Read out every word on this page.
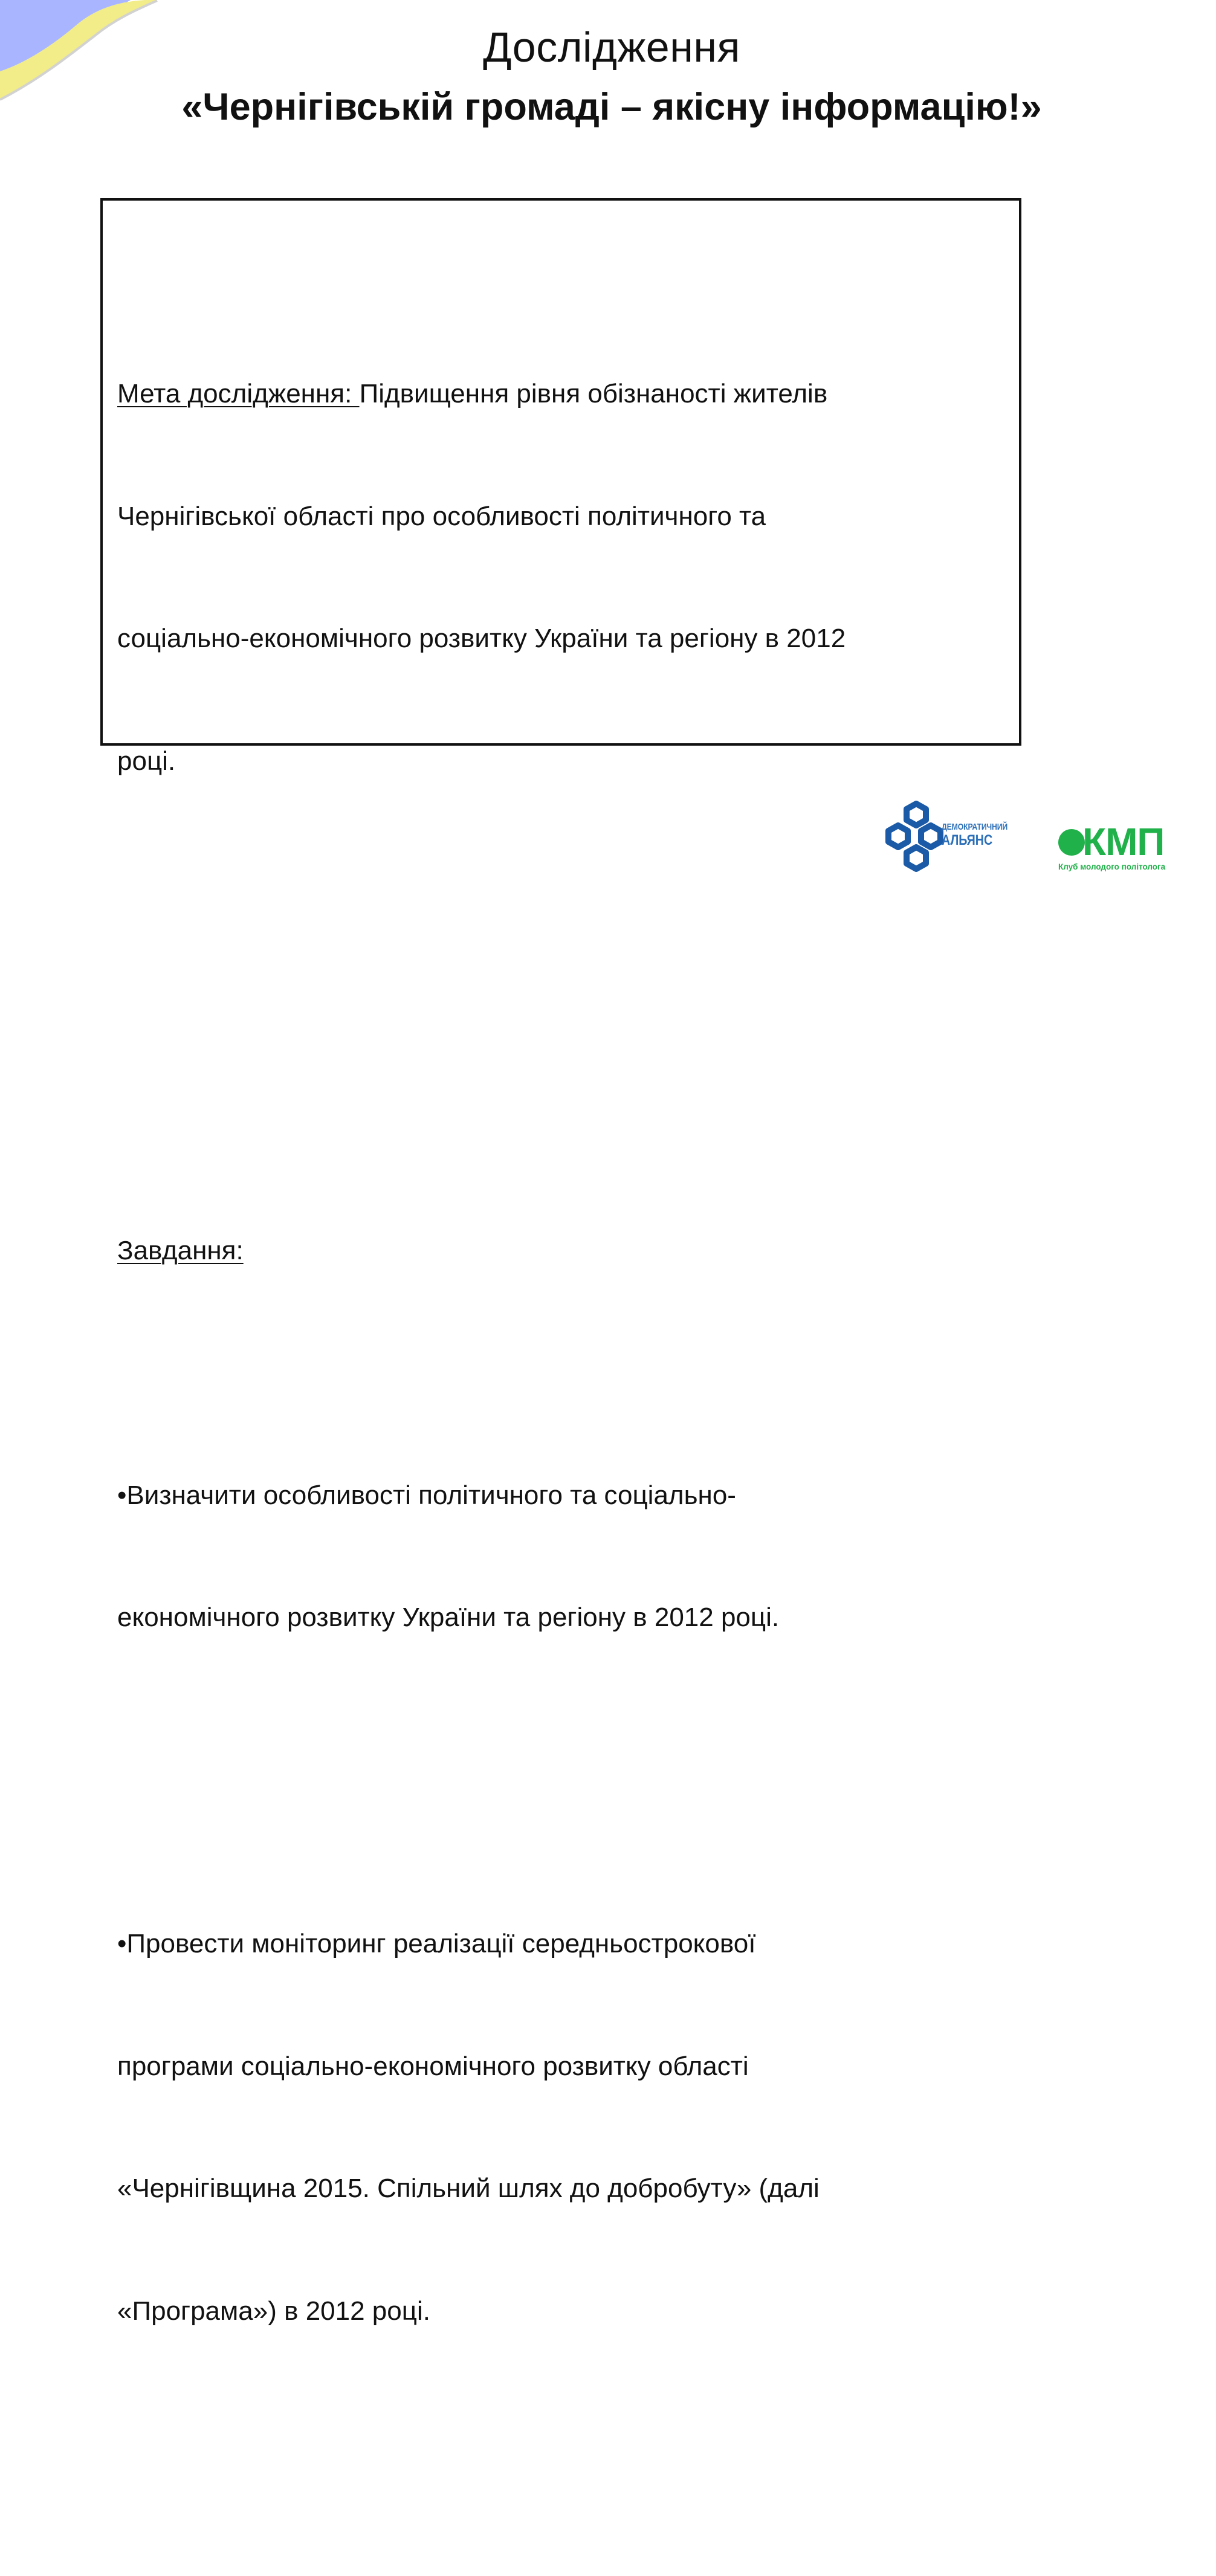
Дослідження
«Чернігівській громаді – якісну інформацію!»

Мета дослідження: Підвищення рівня обізнаності жителів

Чернігівської області про особливості політичного та

соціально-економічного розвитку України та регіону в 2012

році.

Завдання:

•Визначити особливості політичного та соціально-

економічного розвитку України та регіону в 2012 році.

•Провести моніторинг реалізації середньострокової

програми соціально-економічного розвитку області

«Чернігівщина 2015. Спільний шлях до добробуту» (далі

«Програма») в 2012 році.

ДЕМОКРАТИЧНИЙ
АЛЬЯНС	КМП
Клуб молодого політолога
